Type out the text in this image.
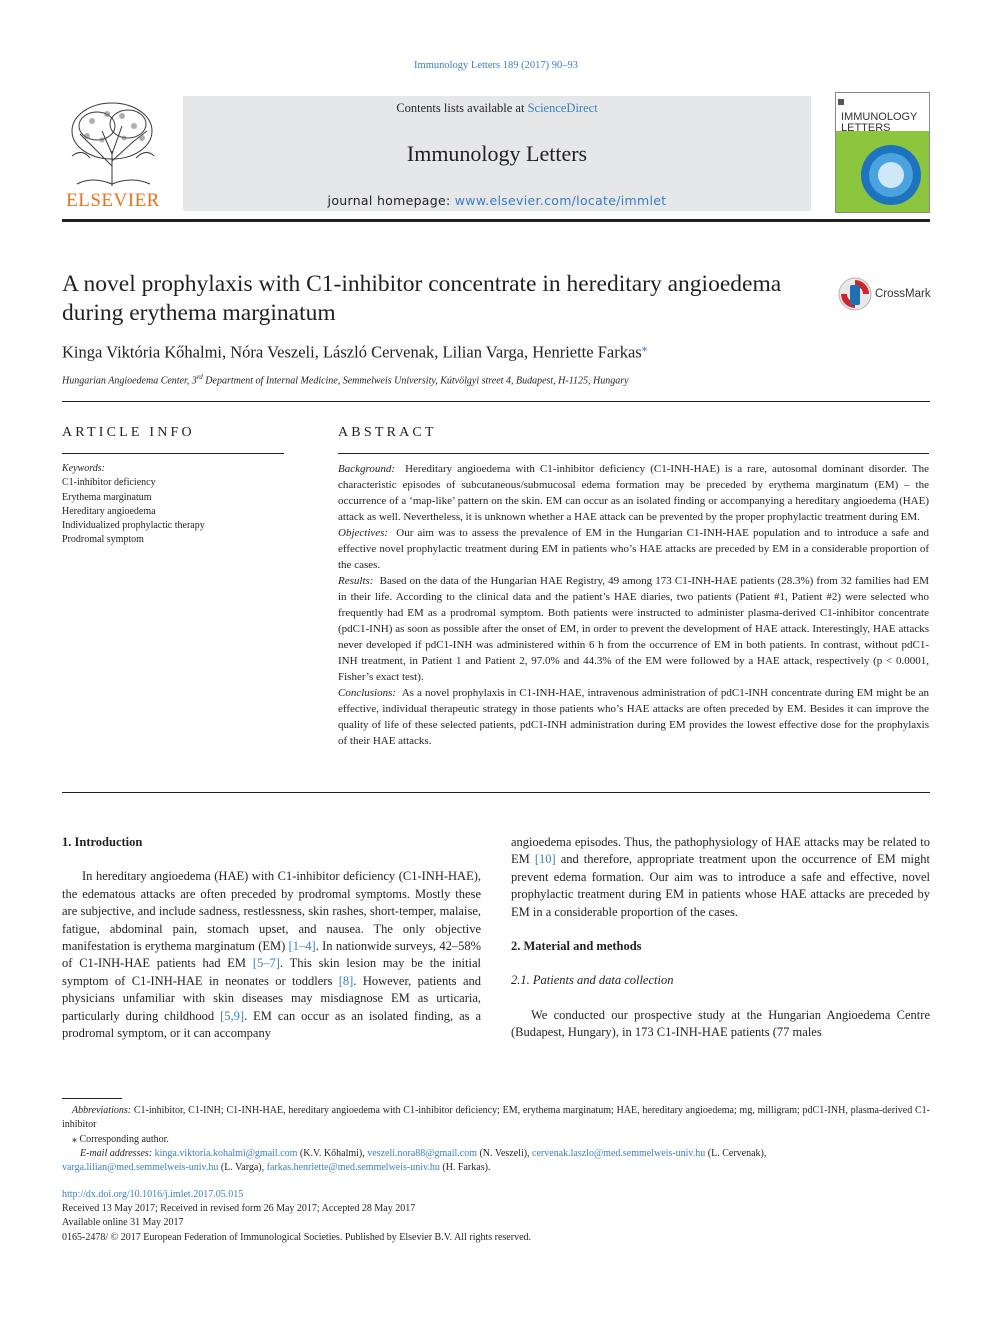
Immunology Letters 189 (2017) 90–93
ELSEVIER
Contents lists available at ScienceDirect
Immunology Letters
journal homepage: www.elsevier.com/locate/immlet
IMMUNOLOGY
LETTERS
A novel prophylaxis with C1-inhibitor concentrate in hereditary angioedema
during erythema marginatum
CrossMark
Kinga Viktória Kőhalmi, Nóra Veszeli, László Cervenak, Lilian Varga, Henriette Farkas⁎
Hungarian Angioedema Center, 3rd Department of Internal Medicine, Semmelweis University, Kútvölgyi street 4, Budapest, H-1125, Hungary
ARTICLE INFO
Keywords:
C1-inhibitor deficiency
Erythema marginatum
Hereditary angioedema
Individualized prophylactic therapy
Prodromal symptom
ABSTRACT

Background: Hereditary angioedema with C1-inhibitor deficiency (C1-INH-HAE) is a rare, autosomal dominant disorder. The characteristic episodes of subcutaneous/submucosal edema formation may be preceded by erythema marginatum (EM) – the occurrence of a ‘map-like’ pattern on the skin. EM can occur as an isolated finding or accompanying a hereditary angioedema (HAE) attack as well. Nevertheless, it is unknown whether a HAE attack can be prevented by the proper prophylactic treatment during EM.

Objectives: Our aim was to assess the prevalence of EM in the Hungarian C1-INH-HAE population and to introduce a safe and effective novel prophylactic treatment during EM in patients who’s HAE attacks are preceded by EM in a considerable proportion of the cases.

Results: Based on the data of the Hungarian HAE Registry, 49 among 173 C1-INH-HAE patients (28.3%) from 32 families had EM in their life. According to the clinical data and the patient’s HAE diaries, two patients (Patient #1, Patient #2) were selected who frequently had EM as a prodromal symptom. Both patients were instructed to administer plasma-derived C1-inhibitor concentrate (pdC1-INH) as soon as possible after the onset of EM, in order to prevent the development of HAE attack. Interestingly, HAE attacks never developed if pdC1-INH was administered within 6 h from the occurrence of EM in both patients. In contrast, without pdC1-INH treatment, in Patient 1 and Patient 2, 97.0% and 44.3% of the EM were followed by a HAE attack, respectively (p < 0.0001, Fisher’s exact test).

Conclusions: As a novel prophylaxis in C1-INH-HAE, intravenous administration of pdC1-INH concentrate during EM might be an effective, individual therapeutic strategy in those patients who’s HAE attacks are often preceded by EM. Besides it can improve the quality of life of these selected patients, pdC1-INH administration during EM provides the lowest effective dose for the prophylaxis of their HAE attacks.

1. Introduction

In hereditary angioedema (HAE) with C1-inhibitor deficiency (C1-INH-HAE), the edematous attacks are often preceded by prodromal symptoms. Mostly these are subjective, and include sadness, restlessness, skin rashes, short-temper, malaise, fatigue, abdominal pain, stomach upset, and nausea. The only objective manifestation is erythema marginatum (EM) [1–4]. In nationwide surveys, 42–58% of C1-INH-HAE patients had EM [5–7]. This skin lesion may be the initial symptom of C1-INH-HAE in neonates or toddlers [8]. However, patients and physicians unfamiliar with skin diseases may misdiagnose EM as urticaria, particularly during childhood [5,9]. EM can occur as an isolated finding, as a prodromal symptom, or it can accompany

angioedema episodes. Thus, the pathophysiology of HAE attacks may be related to EM [10] and therefore, appropriate treatment upon the occurrence of EM might prevent edema formation. Our aim was to introduce a safe and effective, novel prophylactic treatment during EM in patients whose HAE attacks are preceded by EM in a considerable proportion of the cases.

2. Material and methods
2.1. Patients and data collection

We conducted our prospective study at the Hungarian Angioedema Centre (Budapest, Hungary), in 173 C1-INH-HAE patients (77 males

Abbreviations: C1-inhibitor, C1-INH; C1-INH-HAE, hereditary angioedema with C1-inhibitor deficiency; EM, erythema marginatum; HAE, hereditary angioedema; mg, milligram; pdC1-INH, plasma-derived C1-inhibitor

⁎ Corresponding author.

E-mail addresses: kinga.viktoria.kohalmi@gmail.com (K.V. Kőhalmi), veszeli.nora88@gmail.com (N. Veszeli), cervenak.laszlo@med.semmelweis-univ.hu (L. Cervenak),
varga.lilian@med.semmelweis-univ.hu (L. Varga), farkas.henriette@med.semmelweis-univ.hu (H. Farkas).

http://dx.doi.org/10.1016/j.imlet.2017.05.015

Received 13 May 2017; Received in revised form 26 May 2017; Accepted 28 May 2017

Available online 31 May 2017

0165-2478/ © 2017 European Federation of Immunological Societies. Published by Elsevier B.V. All rights reserved.
